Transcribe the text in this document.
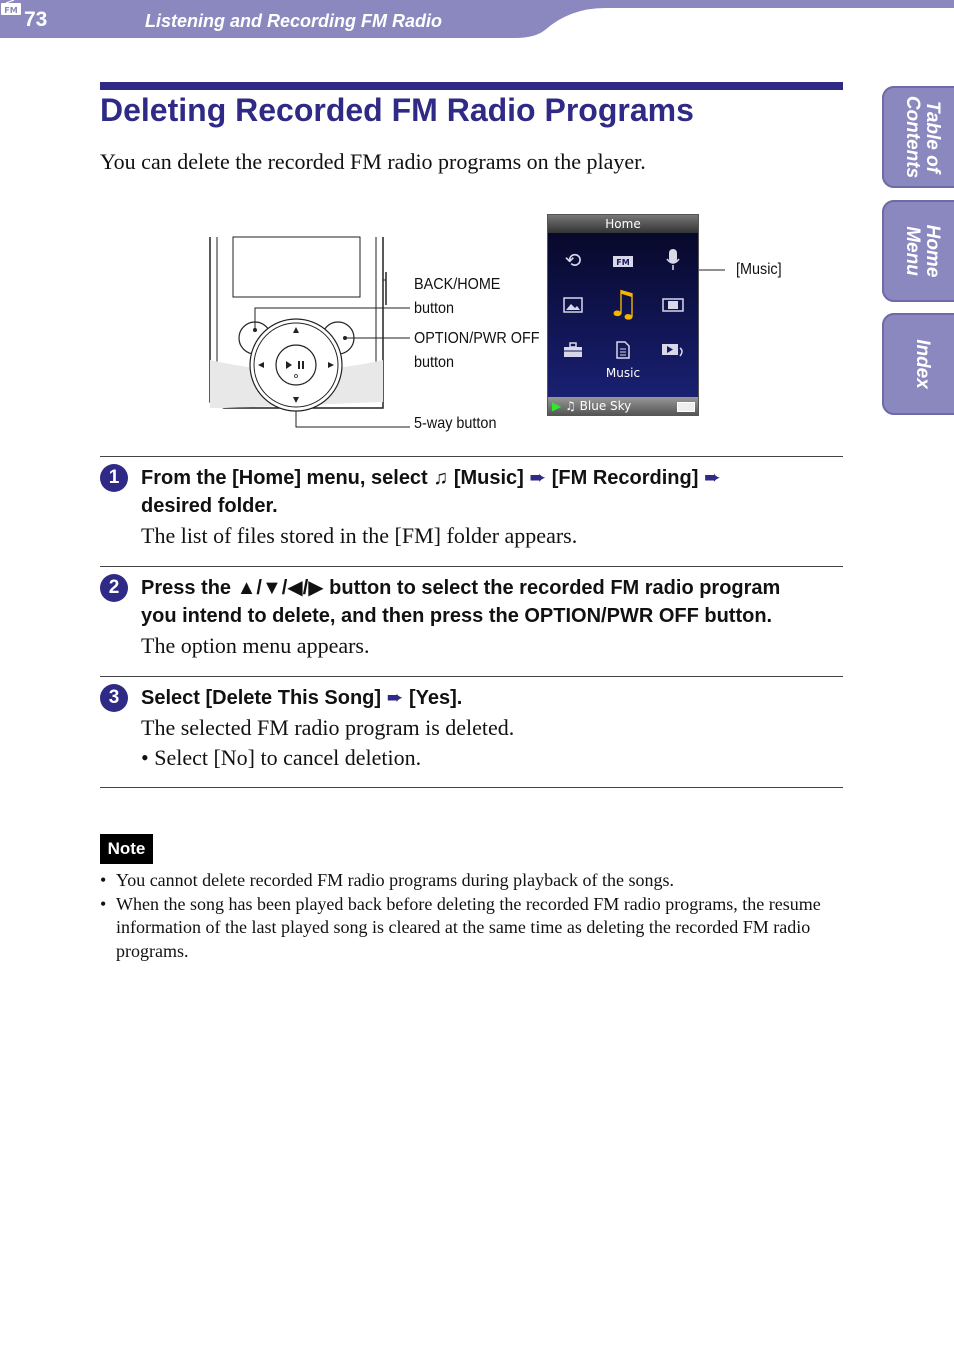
73
FM
Listening and Recording FM Radio
Table of
Contents
Home
Menu
Index
Deleting Recorded FM Radio Programs
You can delete the recorded FM radio programs on the player.
BACK/HOME
button
OPTION/PWR OFF
button
5-way button
[Music]
Home
⟲	FM
♫
Music
▶ ♫ Blue Sky
1	From the [Home] menu, select ♫ [Music] ➨ [FM Recording] ➨
desired folder.
The list of files stored in the [FM] folder appears.
2	Press the ▲/▼/◀/▶ button to select the recorded FM radio program
you intend to delete, and then press the OPTION/PWR OFF button.
The option menu appears.
3	Select [Delete This Song] ➨ [Yes].
The selected FM radio program is deleted.
• Select [No] to cancel deletion.
Note
• You cannot delete recorded FM radio programs during playback of the songs.
• When the song has been played back before deleting the recorded FM radio programs, the resume information of the last played song is cleared at the same time as deleting the recorded FM radio programs.
